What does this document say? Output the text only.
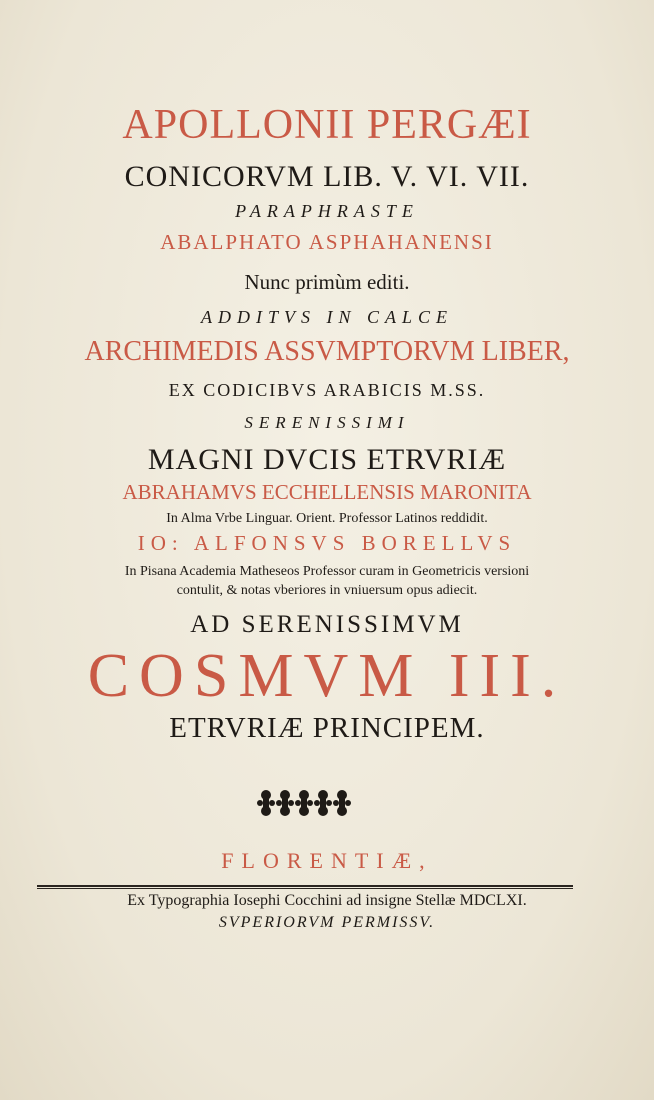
APOLLONII PERGÆI
CONICORVM LIB. V. VI. VII.
PARAPHRASTE
ABALPHATO ASPHAHANENSI
Nunc primùm editi.
ADDITVS IN CALCE
ARCHIMEDIS ASSVMPTORVM LIBER,
EX CODICIBVS ARABICIS M.SS.
SERENISSIMI
MAGNI DVCIS ETRVRIÆ
ABRAHAMVS ECCHELLENSIS MARONITA
In Alma Vrbe Linguar. Orient. Professor Latinos reddidit.
IO: ALFONSVS BORELLVS
In Pisana Academia Matheseos Professor curam in Geometricis versioni
contulit, & notas vberiores in vniuersum opus adiecit.
AD SERENISSIMVM
COSMVM III.
ETRVRIÆ PRINCIPEM.
FLORENTIÆ,
Ex Typographia Iosephi Cocchini ad insigne Stellæ MDCLXI.
SVPERIORVM PERMISSV.
